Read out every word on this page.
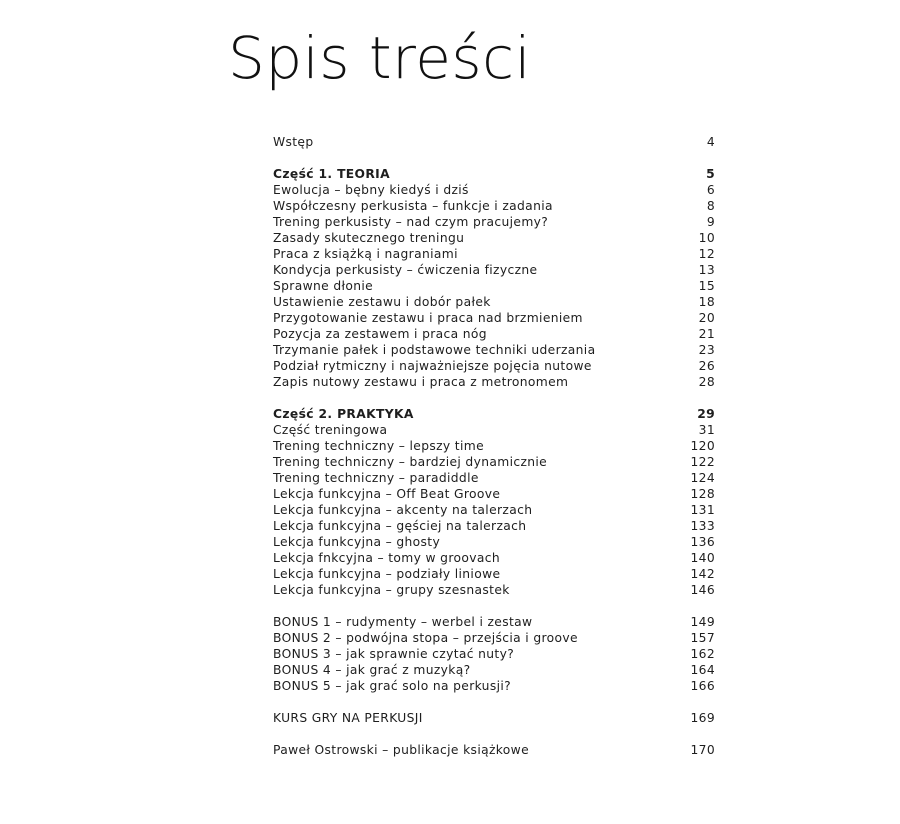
Spis treści
Wstęp	4
Część 1. TEORIA	5
Ewolucja – bębny kiedyś i dziś	6
Współczesny perkusista – funkcje i zadania	8
Trening perkusisty – nad czym pracujemy?	9
Zasady skutecznego treningu	10
Praca z książką i nagraniami	12
Kondycja perkusisty – ćwiczenia fizyczne	13
Sprawne dłonie	15
Ustawienie zestawu i dobór pałek	18
Przygotowanie zestawu i praca nad brzmieniem	20
Pozycja za zestawem i praca nóg	21
Trzymanie pałek i podstawowe techniki uderzania	23
Podział rytmiczny i najważniejsze pojęcia nutowe	26
Zapis nutowy zestawu i praca z metronomem	28
Część 2. PRAKTYKA	29
Część treningowa	31
Trening techniczny – lepszy time	120
Trening techniczny – bardziej dynamicznie	122
Trening techniczny – paradiddle	124
Lekcja funkcyjna – Off Beat Groove	128
Lekcja funkcyjna – akcenty na talerzach	131
Lekcja funkcyjna – gęściej na talerzach	133
Lekcja funkcyjna – ghosty	136
Lekcja fnkcyjna – tomy w groovach	140
Lekcja funkcyjna – podziały liniowe	142
Lekcja funkcyjna – grupy szesnastek	146
BONUS 1 – rudymenty – werbel i zestaw	149
BONUS 2 – podwójna stopa – przejścia i groove	157
BONUS 3 – jak sprawnie czytać nuty?	162
BONUS 4 – jak grać z muzyką?	164
BONUS 5 – jak grać solo na perkusji?	166
KURS GRY NA PERKUSJI	169
Paweł Ostrowski – publikacje książkowe	170
